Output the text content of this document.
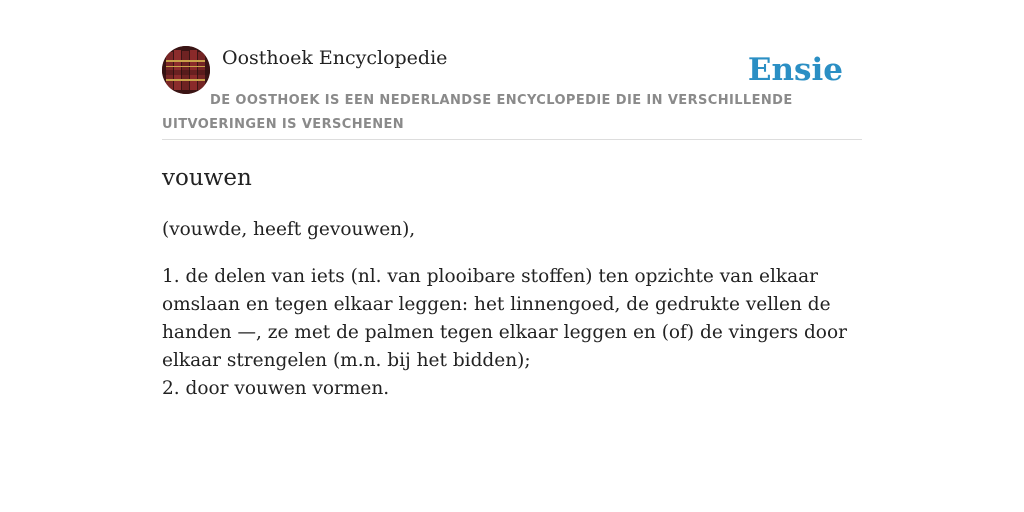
Oosthoek Encyclopedie	Ensie
DE OOSTHOEK IS EEN NEDERLANDSE ENCYCLOPEDIE DIE IN VERSCHILLENDE UITVOERINGEN IS VERSCHENEN
vouwen

(vouwde, heeft gevouwen),

1. de delen van iets (nl. van plooibare stoffen) ten opzichte van elkaar omslaan en tegen elkaar leggen: het linnengoed, de gedrukte vellen de handen —, ze met de palmen tegen elkaar leggen en (of) de vingers door elkaar strengelen (m.n. bij het bidden);

2. door vouwen vormen.
